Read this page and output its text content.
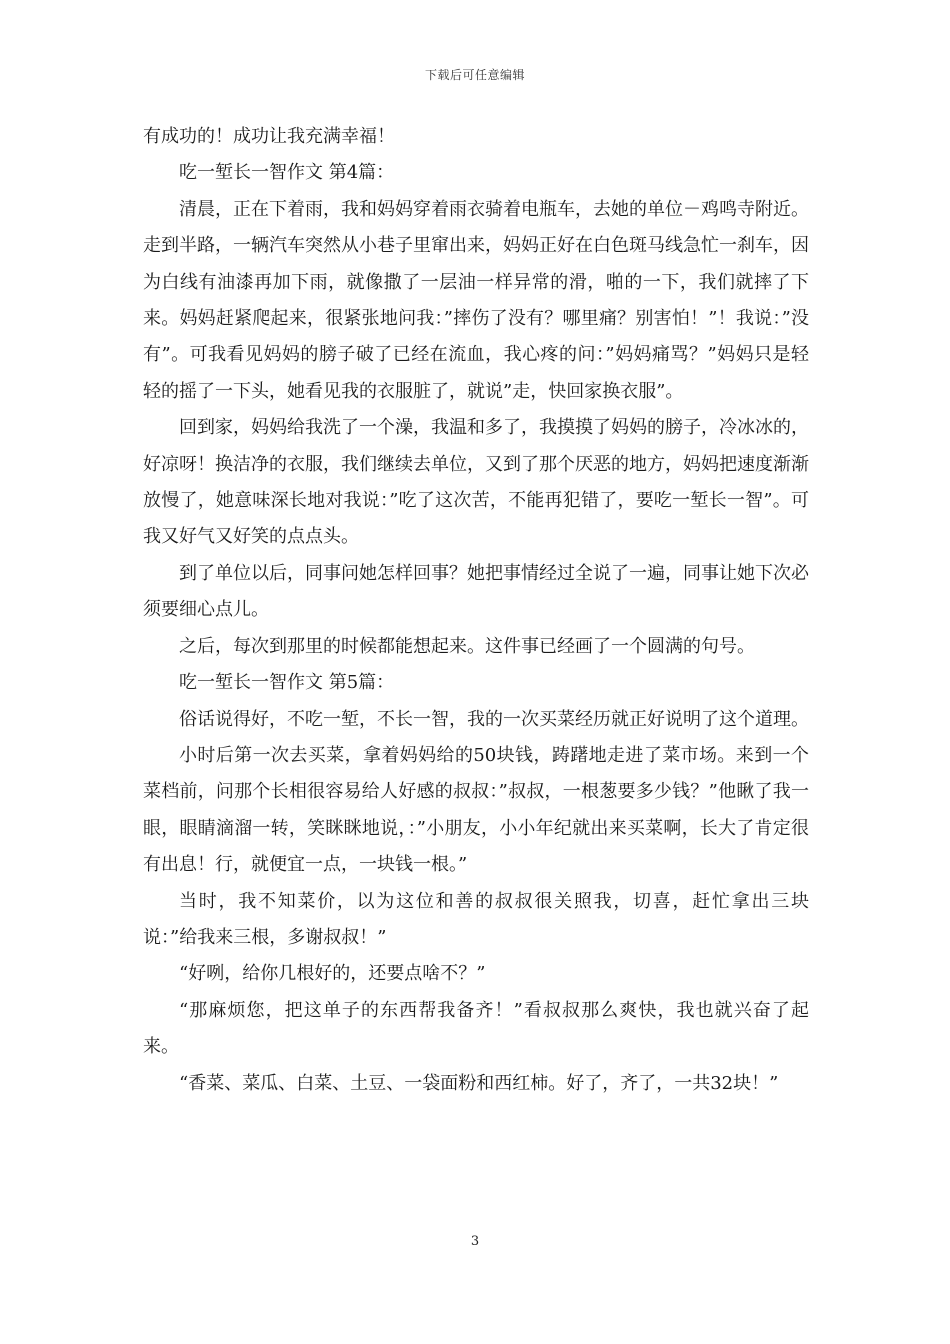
下载后可任意编辑

有成功的！成功让我充满幸福！

吃一堑长一智作文 第4篇：

清晨，正在下着雨，我和妈妈穿着雨衣骑着电瓶车，去她的单位－鸡鸣寺附近。走到半路，一辆汽车突然从小巷子里窜出来，妈妈正好在白色斑马线急忙一刹车，因为白线有油漆再加下雨，就像撒了一层油一样异常的滑，啪的一下，我们就摔了下来。妈妈赶紧爬起来，很紧张地问我：”摔伤了没有？哪里痛？别害怕！”！我说：”没有”。可我看见妈妈的膀子破了已经在流血，我心疼的问：”妈妈痛骂？”妈妈只是轻轻的摇了一下头，她看见我的衣服脏了，就说”走，快回家换衣服”。

回到家，妈妈给我洗了一个澡，我温和多了，我摸摸了妈妈的膀子，冷冰冰的，好凉呀！换洁净的衣服，我们继续去单位，又到了那个厌恶的地方，妈妈把速度渐渐放慢了，她意味深长地对我说：”吃了这次苦，不能再犯错了，要吃一堑长一智”。可我又好气又好笑的点点头。

到了单位以后，同事问她怎样回事？她把事情经过全说了一遍，同事让她下次必须要细心点儿。

之后，每次到那里的时候都能想起来。这件事已经画了一个圆满的句号。

吃一堑长一智作文 第5篇：

俗话说得好，不吃一堑，不长一智，我的一次买菜经历就正好说明了这个道理。

小时后第一次去买菜，拿着妈妈给的50块钱，踌躇地走进了菜市场。来到一个菜档前，问那个长相很容易给人好感的叔叔：”叔叔，一根葱要多少钱？”他瞅了我一眼，眼睛滴溜一转，笑眯眯地说，：”小朋友，小小年纪就出来买菜啊，长大了肯定很有出息！行，就便宜一点，一块钱一根。”

当时，我不知菜价，以为这位和善的叔叔很关照我，切喜，赶忙拿出三块说：”给我来三根，多谢叔叔！”

“好咧，给你几根好的，还要点啥不？”

“那麻烦您，把这单子的东西帮我备齐！”看叔叔那么爽快，我也就兴奋了起来。

“香菜、菜瓜、白菜、土豆、一袋面粉和西红柿。好了，齐了，一共32块！”

3
